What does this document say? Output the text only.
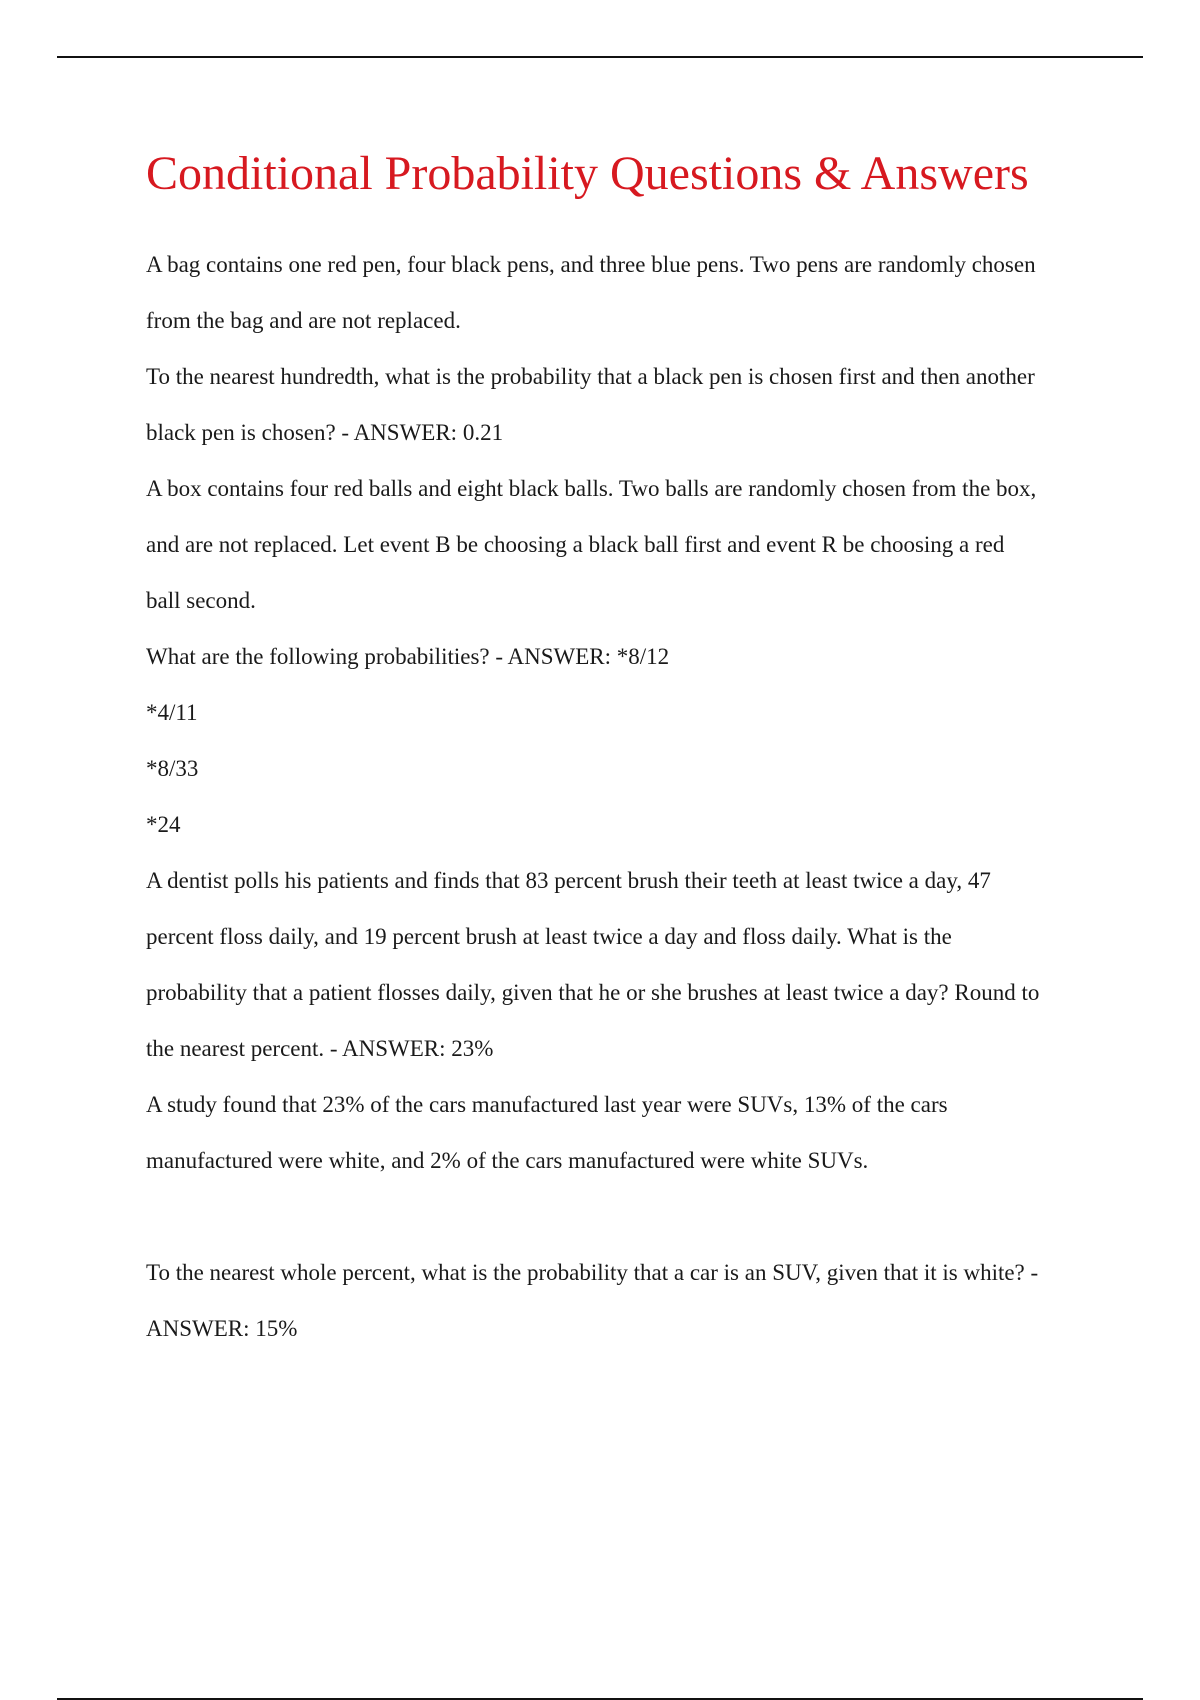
Conditional Probability Questions & Answers
A bag contains one red pen, four black pens, and three blue pens. Two pens are randomly chosen
from the bag and are not replaced.
To the nearest hundredth, what is the probability that a black pen is chosen first and then another
black pen is chosen? - ANSWER: 0.21
A box contains four red balls and eight black balls. Two balls are randomly chosen from the box,
and are not replaced. Let event B be choosing a black ball first and event R be choosing a red
ball second.
What are the following probabilities? - ANSWER: *8/12
*4/11
*8/33
*24
A dentist polls his patients and finds that 83 percent brush their teeth at least twice a day, 47
percent floss daily, and 19 percent brush at least twice a day and floss daily. What is the
probability that a patient flosses daily, given that he or she brushes at least twice a day? Round to
the nearest percent. - ANSWER: 23%
A study found that 23% of the cars manufactured last year were SUVs, 13% of the cars
manufactured were white, and 2% of the cars manufactured were white SUVs.
To the nearest whole percent, what is the probability that a car is an SUV, given that it is white? -
ANSWER: 15%
